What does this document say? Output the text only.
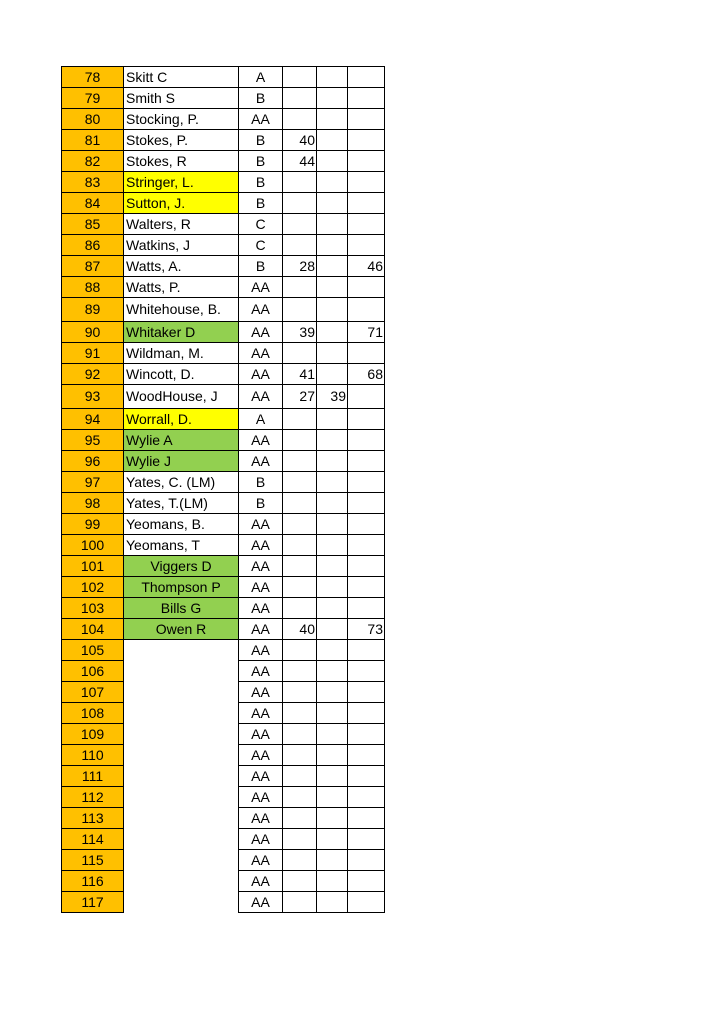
78	Skitt C	A			
79	Smith S	B			
80	Stocking, P.	AA			
81	Stokes, P.	B	40		
82	Stokes, R	B	44		
83	Stringer, L.	B			
84	Sutton, J.	B			
85	Walters, R	C			
86	Watkins, J	C			
87	Watts, A.	B	28		46
88	Watts, P.	AA			
89	Whitehouse, B.	AA			
90	Whitaker D	AA	39		71
91	Wildman, M.	AA			
92	Wincott, D.	AA	41		68
93	WoodHouse, J	AA	27	39	
94	Worrall, D.	A			
95	Wylie A	AA			
96	Wylie J	AA			
97	Yates, C. (LM)	B			
98	Yates, T.(LM)	B			
99	Yeomans, B.	AA			
100	Yeomans, T	AA			
101	Viggers D	AA			
102	Thompson P	AA			
103	Bills G	AA			
104	Owen R	AA	40		73
105		AA			
106		AA			
107		AA			
108		AA			
109		AA			
110		AA			
111		AA			
112		AA			
113		AA			
114		AA			
115		AA			
116		AA			
117		AA			
